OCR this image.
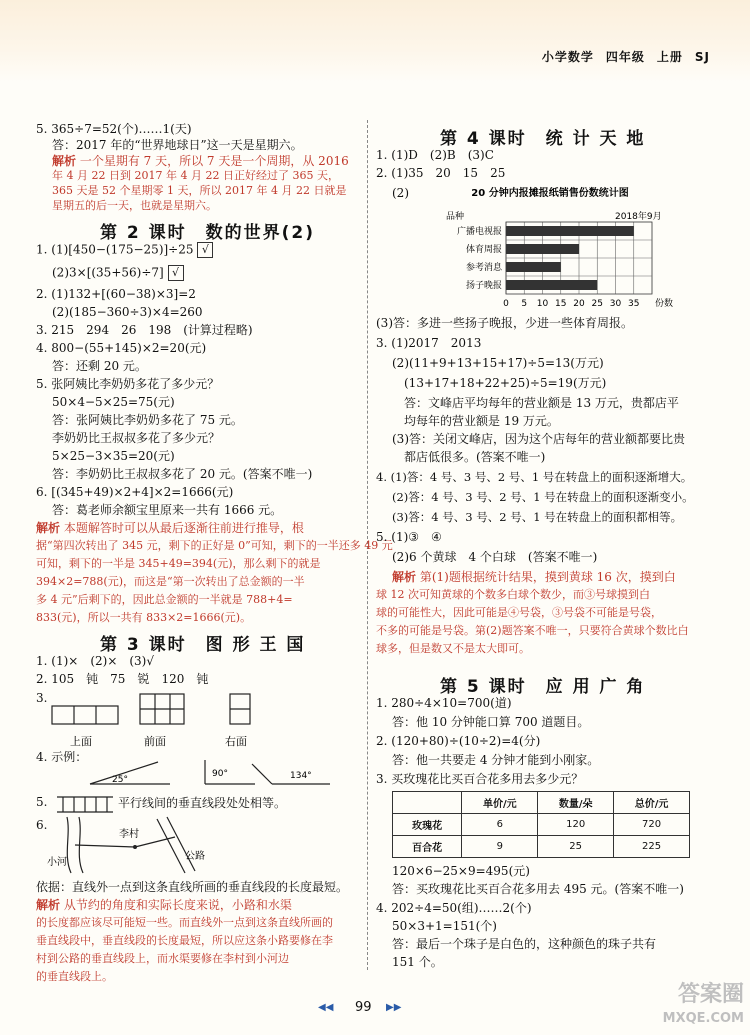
小学数学 四年级 上册 SJ
5. 365÷7=52(个)……1(天)
答：2017 年的“世界地球日”这一天是星期六。
解析 一个星期有 7 天，所以 7 天是一个周期，从 2016
年 4 月 22 日到 2017 年 4 月 22 日正好经过了 365 天，
365 天是 52 个星期零 1 天，所以 2017 年 4 月 22 日就是
星期五的后一天，也就是星期六。
第 2 课时　数的世界(2)
1. (1)[450−(175−25)]÷25 √
(2)3×[(35+56)÷7] √
2. (1)132+[(60−38)×3]=2
(2)(185−360÷3)×4=260
3. 215　294　26　198　(计算过程略)
4. 800−(55+145)×2=20(元)
答：还剩 20 元。
5. 张阿姨比李奶奶多花了多少元？
50×4−5×25=75(元)
答：张阿姨比李奶奶多花了 75 元。
李奶奶比王叔叔多花了多少元？
5×25−3×35=20(元)
答：李奶奶比王叔叔多花了 20 元。(答案不唯一)
6. [(345+49)×2+4]×2=1666(元)
答：葛老师余额宝里原来一共有 1666 元。
解析 本题解答时可以从最后逐渐往前进行推导，根
据“第四次转出了 345 元，剩下的正好是 0”可知，剩下的一半还多 49 元
可知，剩下的一半是 345+49=394(元)，那么剩下的就是
394×2=788(元)，而这是“第一次转出了总金额的一半
多 4 元”后剩下的，因此总金额的一半就是 788+4=
833(元)，所以一共有 833×2=1666(元)。
第 3 课时　图 形 王 国
1. (1)×　(2)×　(3)√
2. 105　钝　75　锐　120　钝
3.
上面	前面	右面
4. 示例：
25°
90°	134°
5.	平行线间的垂直线段处处相等。
6.
李村
小河
公路
依据：直线外一点到这条直线所画的垂直线段的长度最短。
解析 从节约的角度和实际长度来说，小路和水渠
的长度都应该尽可能短一些。而直线外一点到这条直线所画的
垂直线段中，垂直线段的长度最短，所以应这条小路要修在李
村到公路的垂直线段上，而水渠要修在李村到小河边
的垂直线段上。
第 4 课时　统 计 天 地
1. (1)D　(2)B　(3)C
2. (1)35　20　15　25
(2)	20 分钟内报摊报纸销售份数统计图
品种	2018年9月
0 5 10 15 20 25 30 35
广播电视报
体育周报
参考消息
扬子晚报
份数
(3)答：多进一些扬子晚报，少进一些体育周报。
3. (1)2017　2013
(2)(11+9+13+15+17)÷5=13(万元)
(13+17+18+22+25)÷5=19(万元)
答：文峰店平均每年的营业额是 13 万元，贵都店平
均每年的营业额是 19 万元。
(3)答：关闭文峰店，因为这个店每年的营业额都要比贵
都店低很多。(答案不唯一)
4. (1)答：4 号、3 号、2 号、1 号在转盘上的面积逐渐增大。
(2)答：4 号、3 号、2 号、1 号在转盘上的面积逐渐变小。
(3)答：4 号、3 号、2 号、1 号在转盘上的面积都相等。
5. (1)③　④
(2)6 个黄球　4 个白球　(答案不唯一)
解析 第(1)题根据统计结果，摸到黄球 16 次，摸到白
球 12 次可知黄球的个数多白球个数少，而③号球摸到白
球的可能性大，因此可能是④号袋，③号袋不可能是号袋，
不多的可能是号袋。第(2)题答案不唯一，只要符合黄球个数比白
球多，但是数又不是太大即可。
第 5 课时　应 用 广 角
1. 280÷4×10=700(道)
答：他 10 分钟能口算 700 道题目。
2. (120+80)÷(10÷2)=4(分)
答：他一共要走 4 分钟才能到小刚家。
3. 买玫瑰花比买百合花多用去多少元？
	单价/元	数量/朵	总价/元
玫瑰花	6	120	720
百合花	9	25	225
120×6−25×9=495(元)
答：买玫瑰花比买百合花多用去 495 元。(答案不唯一)
4. 202÷4=50(组)……2(个)
50×3+1=151(个)
答：最后一个珠子是白色的，这种颜色的珠子共有
151 个。
◀◀ 99 ▶▶
答案圈
MXQE.COM
